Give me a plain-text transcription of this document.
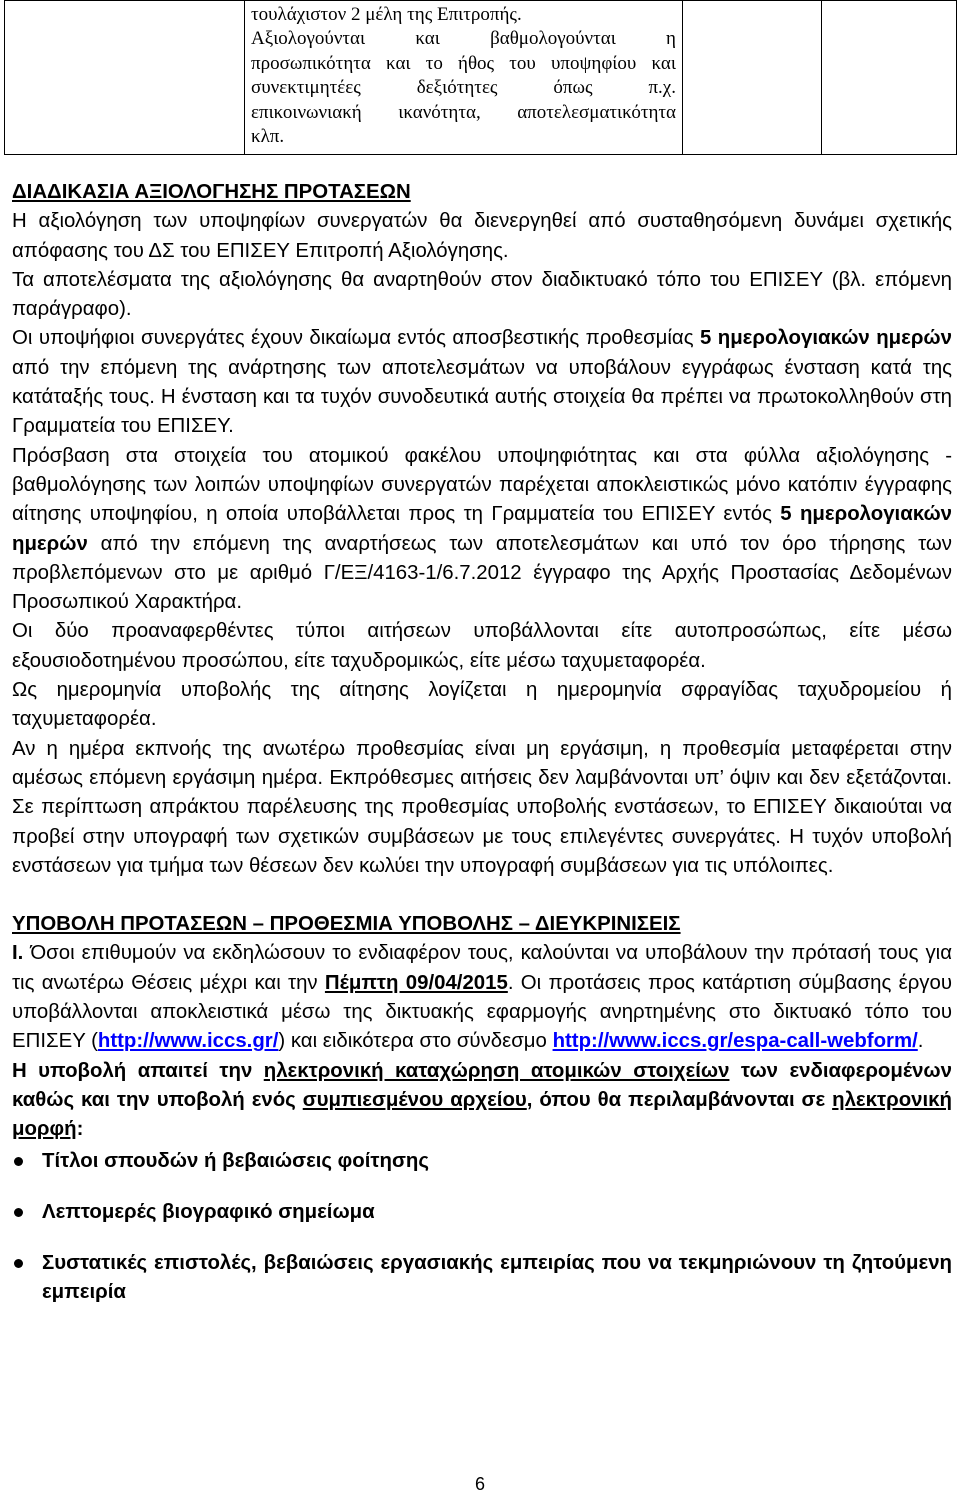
τουλάχιστον 2 μέλη της Επιτροπής.
Αξιολογούνται και βαθμολογούνται η
προσωπικότητα και το ήθος του υποψηφίου και
συνεκτιμητέες δεξιότητες όπως π.χ.
επικοινωνιακή ικανότητα, αποτελεσματικότητα
κλπ.

ΔΙΑΔΙΚΑΣΙΑ ΑΞΙΟΛΟΓΗΣΗΣ ΠΡΟΤΑΣΕΩΝ

Η αξιολόγηση των υποψηφίων συνεργατών θα διενεργηθεί από συσταθησόμενη δυνάμει σχετικής απόφασης του ΔΣ του ΕΠΙΣΕΥ Επιτροπή Αξιολόγησης.

Τα αποτελέσματα της αξιολόγησης θα αναρτηθούν στον διαδικτυακό τόπο του ΕΠΙΣΕΥ (βλ. επόμενη παράγραφο).

Οι υποψήφιοι συνεργάτες έχουν δικαίωμα εντός αποσβεστικής προθεσμίας 5 ημερολογιακών ημερών από την επόμενη της ανάρτησης των αποτελεσμάτων να υποβάλουν εγγράφως ένσταση κατά της κατάταξής τους. Η ένσταση και τα τυχόν συνοδευτικά αυτής στοιχεία θα πρέπει να πρωτοκολληθούν στη Γραμματεία του ΕΠΙΣΕΥ.

Πρόσβαση στα στοιχεία του ατομικού φακέλου υποψηφιότητας και στα φύλλα αξιολόγησης - βαθμολόγησης των λοιπών υποψηφίων συνεργατών παρέχεται αποκλειστικώς μόνο κατόπιν έγγραφης αίτησης υποψηφίου, η οποία υποβάλλεται προς τη Γραμματεία του ΕΠΙΣΕΥ εντός 5 ημερολογιακών ημερών από την επόμενη της αναρτήσεως των αποτελεσμάτων και υπό τον όρο τήρησης των προβλεπόμενων στο με αριθμό Γ/ΕΞ/4163-1/6.7.2012 έγγραφο της Αρχής Προστασίας Δεδομένων Προσωπικού Χαρακτήρα.

Οι δύο προαναφερθέντες τύποι αιτήσεων υποβάλλονται είτε αυτοπροσώπως, είτε μέσω εξουσιοδοτημένου προσώπου, είτε ταχυδρομικώς, είτε μέσω ταχυμεταφορέα.

Ως ημερομηνία υποβολής της αίτησης λογίζεται η ημερομηνία σφραγίδας ταχυδρομείου ή ταχυμεταφορέα.

Αν η ημέρα εκπνοής της ανωτέρω προθεσμίας είναι μη εργάσιμη, η προθεσμία μεταφέρεται στην αμέσως επόμενη εργάσιμη ημέρα. Εκπρόθεσμες αιτήσεις δεν λαμβάνονται υπ’ όψιν και δεν εξετάζονται. Σε περίπτωση απράκτου παρέλευσης της προθεσμίας υποβολής ενστάσεων, το ΕΠΙΣΕΥ δικαιούται να προβεί στην υπογραφή των σχετικών συμβάσεων με τους επιλεγέντες συνεργάτες. Η τυχόν υποβολή ενστάσεων για τμήμα των θέσεων δεν κωλύει την υπογραφή συμβάσεων για τις υπόλοιπες.

ΥΠΟΒΟΛΗ ΠΡΟΤΑΣΕΩΝ – ΠΡΟΘΕΣΜΙΑ ΥΠΟΒΟΛΗΣ – ΔΙΕΥΚΡΙΝΙΣΕΙΣ

Ι. Όσοι επιθυμούν να εκδηλώσουν το ενδιαφέρον τους, καλούνται να υποβάλουν την πρότασή τους για τις ανωτέρω Θέσεις μέχρι και την Πέμπτη 09/04/2015. Οι προτάσεις προς κατάρτιση σύμβασης έργου υποβάλλονται αποκλειστικά μέσω της δικτυακής εφαρμογής ανηρτημένης στο δικτυακό τόπο του ΕΠΙΣΕΥ (http://www.iccs.gr/) και ειδικότερα στο σύνδεσμο http://www.iccs.gr/espa-call-webform/.

Η υποβολή απαιτεί την ηλεκτρονική καταχώρηση ατομικών στοιχείων των ενδιαφερομένων καθώς και την υποβολή ενός συμπιεσμένου αρχείου, όπου θα περιλαμβάνονται σε ηλεκτρονική μορφή:

Τίτλοι σπουδών ή βεβαιώσεις φοίτησης
Λεπτομερές βιογραφικό σημείωμα
Συστατικές επιστολές, βεβαιώσεις εργασιακής εμπειρίας που να τεκμηριώνουν τη ζητούμενη εμπειρία
6
